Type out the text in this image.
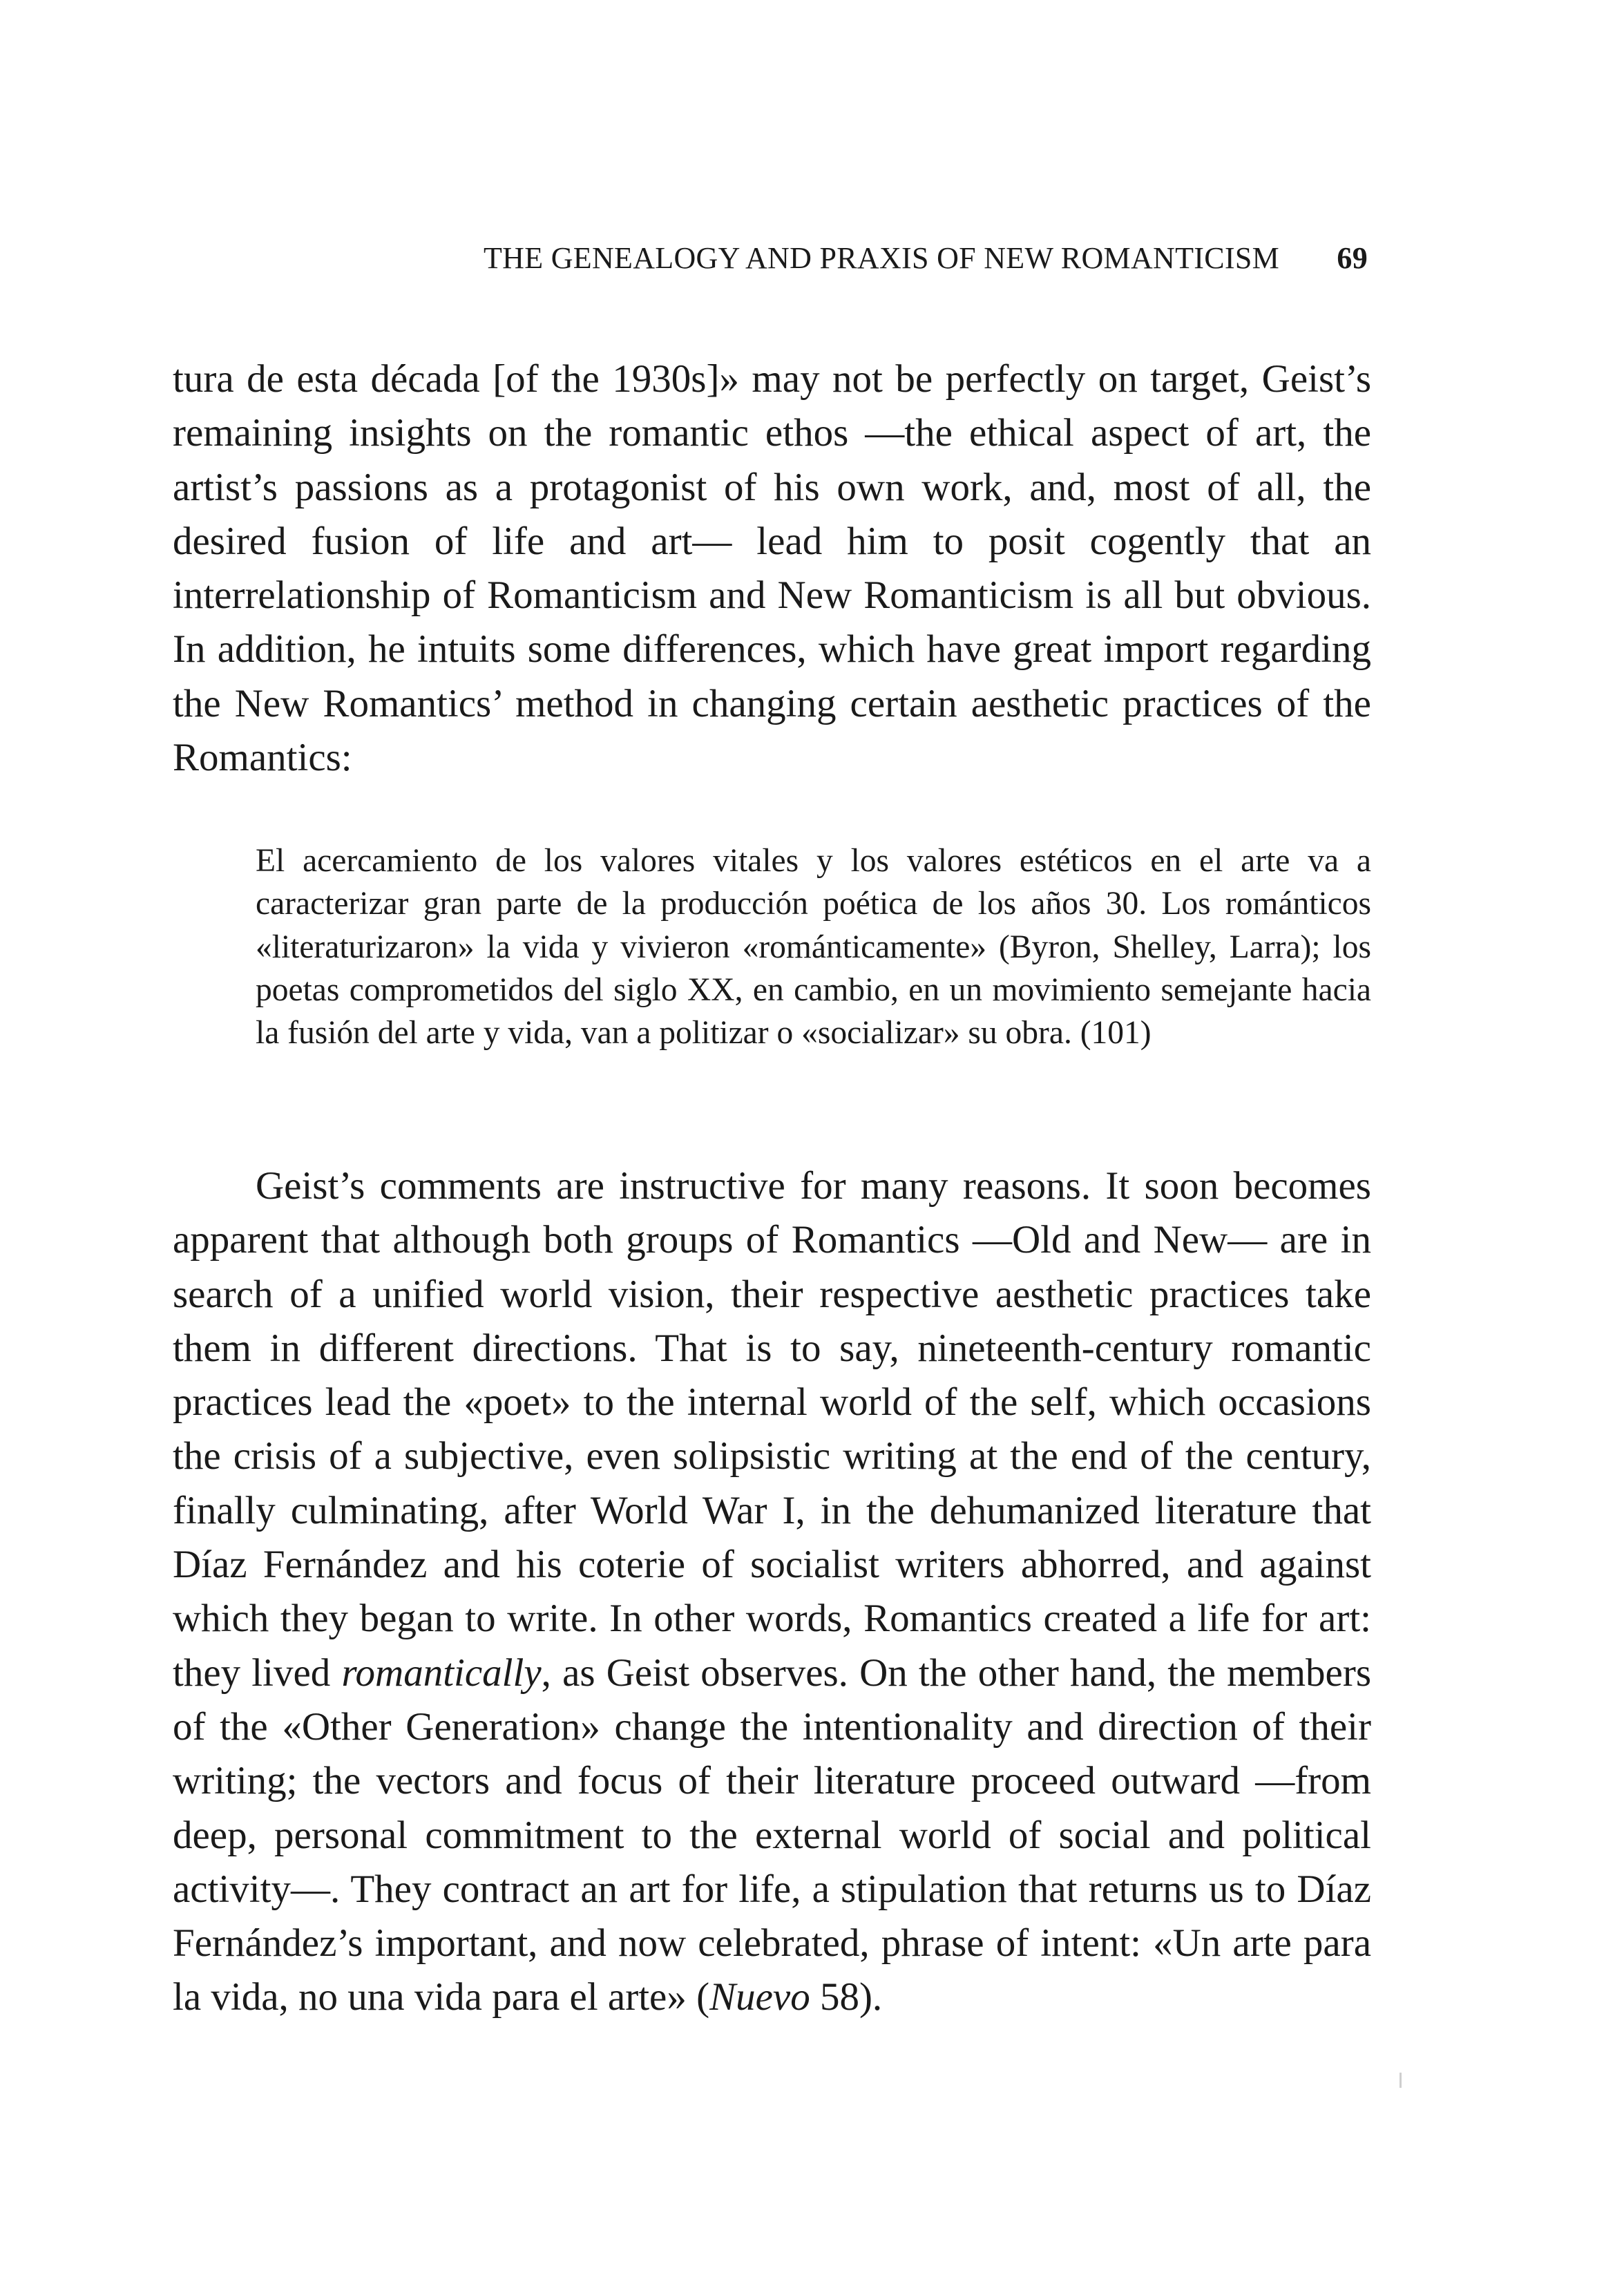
THE GENEALOGY AND PRAXIS OF NEW ROMANTICISM 69

tura de esta década [of the 1930s]» may not be perfectly on target, Geist’s remaining insights on the romantic ethos —the ethical aspect of art, the artist’s passions as a protagonist of his own work, and, most of all, the desired fusion of life and art— lead him to posit cogently that an interrelationship of Romanticism and New Romanticism is all but obvious. In addition, he intuits some differences, which have great import regarding the New Romantics’ method in changing certain aesthetic practices of the Romantics:

El acercamiento de los valores vitales y los valores estéticos en el arte va a caracterizar gran parte de la producción poética de los años 30. Los románticos «literaturizaron» la vida y vivieron «románticamente» (Byron, Shelley, Larra); los poetas comprometidos del siglo XX, en cambio, en un movimiento semejante hacia la fusión del arte y vida, van a politizar o «socializar» su obra. (101)

Geist’s comments are instructive for many reasons. It soon becomes apparent that although both groups of Romantics —Old and New— are in search of a unified world vision, their respective aesthetic practices take them in different directions. That is to say, nineteenth-century romantic practices lead the «poet» to the internal world of the self, which occasions the crisis of a subjective, even solipsistic writing at the end of the century, finally culminating, after World War I, in the dehumanized literature that Díaz Fernández and his coterie of socialist writers abhorred, and against which they began to write. In other words, Romantics created a life for art: they lived romantically, as Geist observes. On the other hand, the members of the «Other Generation» change the intentionality and direction of their writing; the vectors and focus of their literature proceed outward —from deep, personal commitment to the external world of social and political activity—. They contract an art for life, a stipulation that returns us to Díaz Fernández’s important, and now celebrated, phrase of intent: «Un arte para la vida, no una vida para el arte» (Nuevo 58).
